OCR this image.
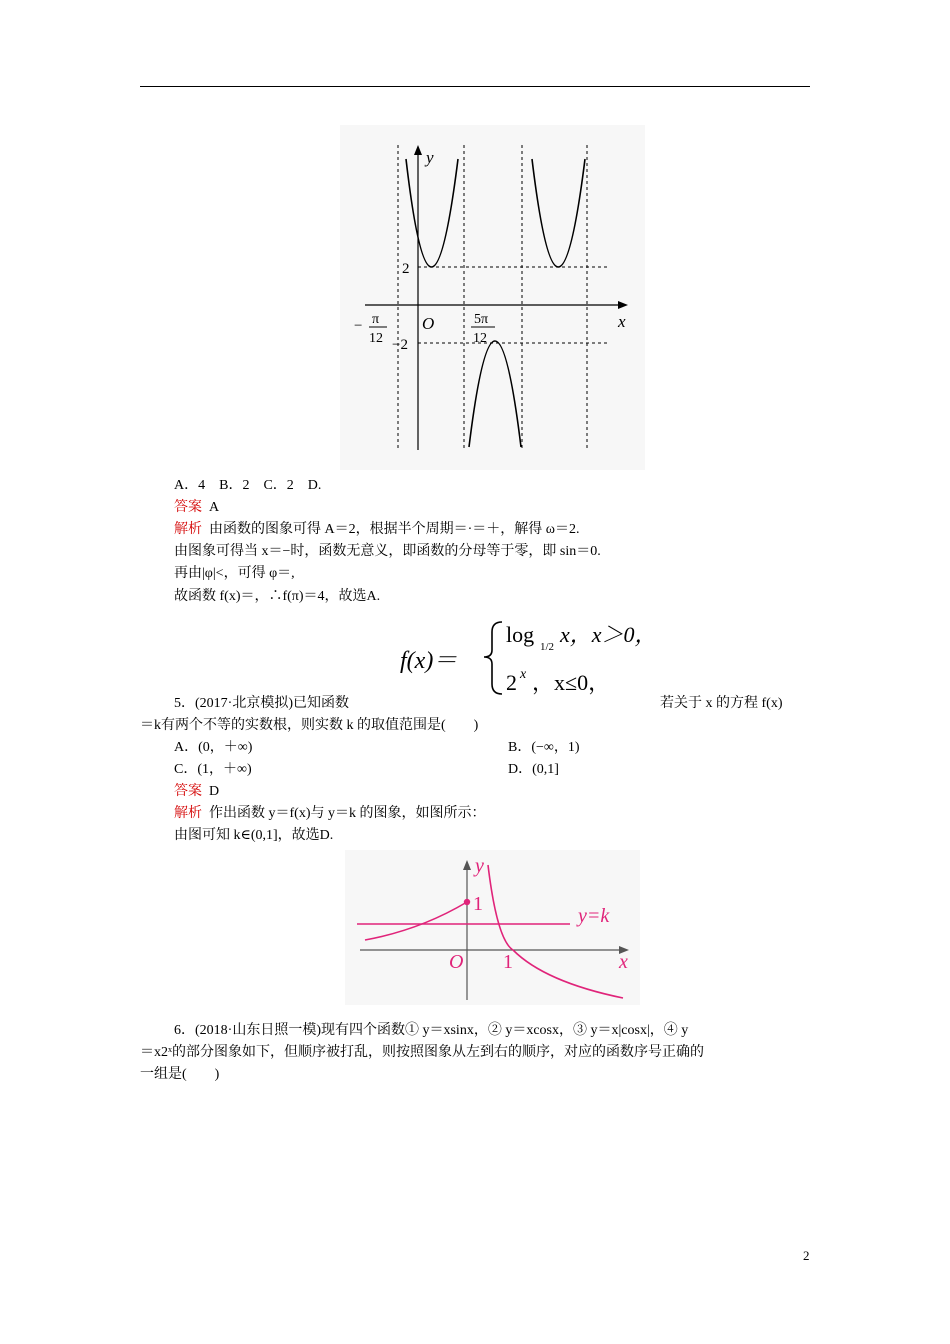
y
x
O
2
−2
− π
12
5π
12
A．4　B．2　C．2　D.
答案 A
解析 由函数的图象可得 A＝2，根据半个周期＝·＝＋，解得 ω＝2.
由图象可得当 x＝−时，函数无意义，即函数的分母等于零，即 sin＝0.
再由|φ|<，可得 φ＝,
故函数 f(x)＝，∴f(π)＝4，故选A.
f(x)＝
log 1/2 x，x＞0，
2 x ，x≤0，
5．(2017·北京模拟)已知函数	若关于 x 的方程 f(x)
＝k有两个不等的实数根，则实数 k 的取值范围是(　　)
A．(0，＋∞)	B．(−∞，1)
C．(1，＋∞)	D．(0,1]
答案 D
解析 作出函数 y＝f(x)与 y＝k 的图象，如图所示：
由图可知 k∈(0,1]，故选D.
y
x
O
1
1
y=k
6．(2018·山东日照一模)现有四个函数① y＝xsinx，② y＝xcosx，③ y＝x|cosx|，④ y
＝x2ˣ的部分图象如下，但顺序被打乱，则按照图象从左到右的顺序，对应的函数序号正确的
一组是(　　)
2
